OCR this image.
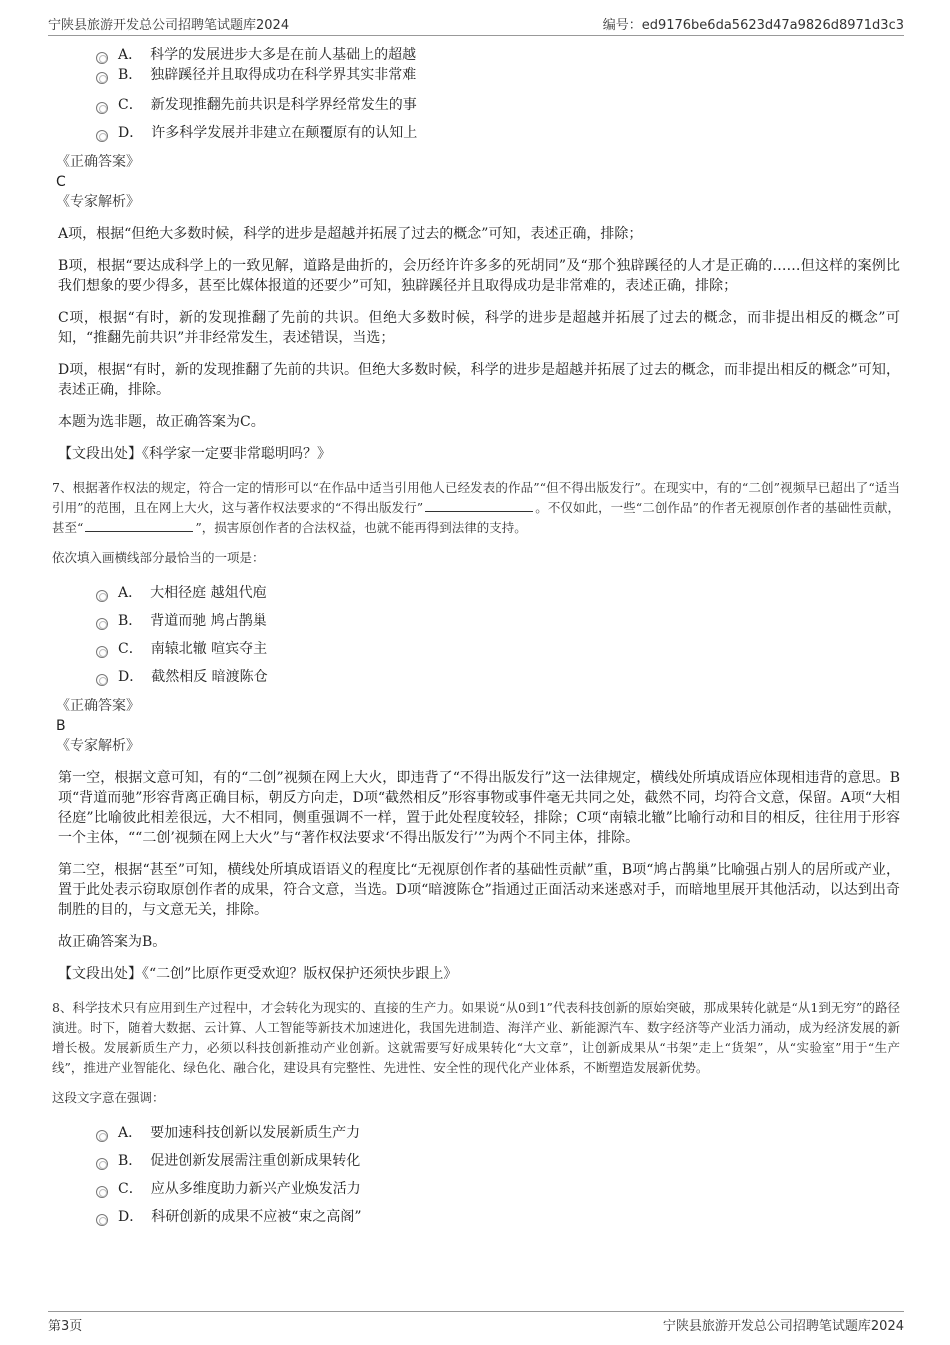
宁陕县旅游开发总公司招聘笔试题库2024	编号：ed9176be6da5623d47a9826d8971d3c3
A． 科学的发展进步大多是在前人基础上的超越
B． 独辟蹊径并且取得成功在科学界其实非常难
C． 新发现推翻先前共识是科学界经常发生的事
D． 许多科学发展并非建立在颠覆原有的认知上
《正确答案》
C
《专家解析》

A项，根据“但绝大多数时候，科学的进步是超越并拓展了过去的概念”可知，表述正确，排除；

B项，根据“要达成科学上的一致见解，道路是曲折的，会历经许许多多的死胡同”及“那个独辟蹊径的人才是正确的……但这样的案例比我们想象的要少得多，甚至比媒体报道的还要少”可知，独辟蹊径并且取得成功是非常难的，表述正确，排除；

C项，根据“有时，新的发现推翻了先前的共识。但绝大多数时候，科学的进步是超越并拓展了过去的概念，而非提出相反的概念”可知，“推翻先前共识”并非经常发生，表述错误，当选；

D项，根据“有时，新的发现推翻了先前的共识。但绝大多数时候，科学的进步是超越并拓展了过去的概念，而非提出相反的概念”可知，表述正确，排除。

本题为选非题，故正确答案为C。

【文段出处】《科学家一定要非常聪明吗？》

7、根据著作权法的规定，符合一定的情形可以“在作品中适当引用他人已经发表的作品”“但不得出版发行”。在现实中，有的“二创”视频早已超出了“适当引用”的范围，且在网上大火，这与著作权法要求的“不得出版发行”	。不仅如此，一些“二创作品”的作者无视原创作者的基础性贡献，甚至“	”，损害原创作者的合法权益，也就不能再得到法律的支持。

依次填入画横线部分最恰当的一项是：

A． 大相径庭 越俎代庖
B． 背道而驰 鸠占鹊巢
C． 南辕北辙 喧宾夺主
D． 截然相反 暗渡陈仓
《正确答案》
B
《专家解析》

第一空，根据文意可知，有的“二创”视频在网上大火，即违背了“不得出版发行”这一法律规定，横线处所填成语应体现相违背的意思。B项“背道而驰”形容背离正确目标，朝反方向走，D项“截然相反”形容事物或事件毫无共同之处，截然不同，均符合文意，保留。A项“大相径庭”比喻彼此相差很远，大不相同，侧重强调不一样，置于此处程度较轻，排除；C项“南辕北辙”比喻行动和目的相反，往往用于形容一个主体，““二创’视频在网上大火”与“著作权法要求‘不得出版发行’”为两个不同主体，排除。

第二空，根据“甚至”可知，横线处所填成语语义的程度比“无视原创作者的基础性贡献”重，B项“鸠占鹊巢”比喻强占别人的居所或产业，置于此处表示窃取原创作者的成果，符合文意，当选。D项“暗渡陈仓”指通过正面活动来迷惑对手，而暗地里展开其他活动，以达到出奇制胜的目的，与文意无关，排除。

故正确答案为B。

【文段出处】《“二创”比原作更受欢迎？版权保护还须快步跟上》

8、科学技术只有应用到生产过程中，才会转化为现实的、直接的生产力。如果说“从0到1”代表科技创新的原始突破，那成果转化就是“从1到无穷”的路径演进。时下，随着大数据、云计算、人工智能等新技术加速进化，我国先进制造、海洋产业、新能源汽车、数字经济等产业活力涌动，成为经济发展的新增长极。发展新质生产力，必须以科技创新推动产业创新。这就需要写好成果转化“大文章”，让创新成果从“书架”走上“货架”，从“实验室”用于“生产线”，推进产业智能化、绿色化、融合化，建设具有完整性、先进性、安全性的现代化产业体系，不断塑造发展新优势。

这段文字意在强调：

A． 要加速科技创新以发展新质生产力
B． 促进创新发展需注重创新成果转化
C． 应从多维度助力新兴产业焕发活力
D． 科研创新的成果不应被“束之高阁”
第3页	宁陕县旅游开发总公司招聘笔试题库2024
